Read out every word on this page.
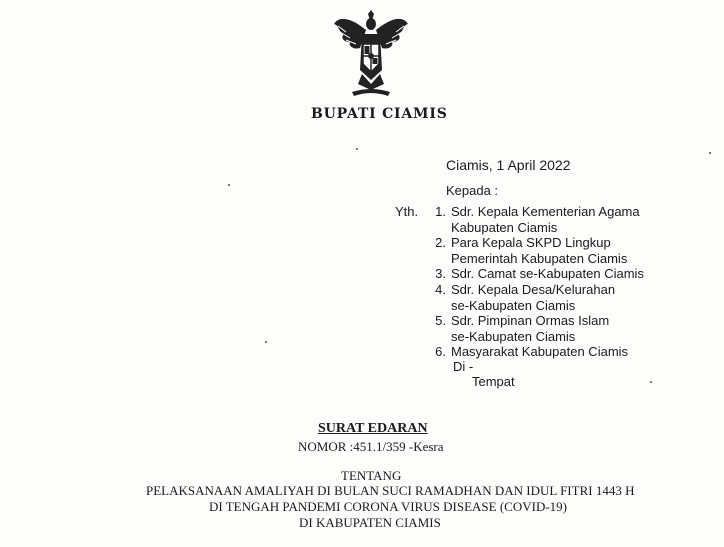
BUPATI CIAMIS
Ciamis, 1 April 2022
Kepada :
Yth.	1. Sdr. Kepala Kementerian Agama
Kabupaten Ciamis
2. Para Kepala SKPD Lingkup
Pemerintah Kabupaten Ciamis
3. Sdr. Camat se-Kabupaten Ciamis
4. Sdr. Kepala Desa/Kelurahan
se-Kabupaten Ciamis
5. Sdr. Pimpinan Ormas Islam
se-Kabupaten Ciamis
6. Masyarakat Kabupaten Ciamis
Di -
Tempat
SURAT EDARAN
NOMOR :451.1/359 -Kesra
TENTANG
PELAKSANAAN AMALIYAH DI BULAN SUCI RAMADHAN DAN IDUL FITRI 1443 H
DI TENGAH PANDEMI CORONA VIRUS DISEASE (COVID-19)
DI KABUPATEN CIAMIS
